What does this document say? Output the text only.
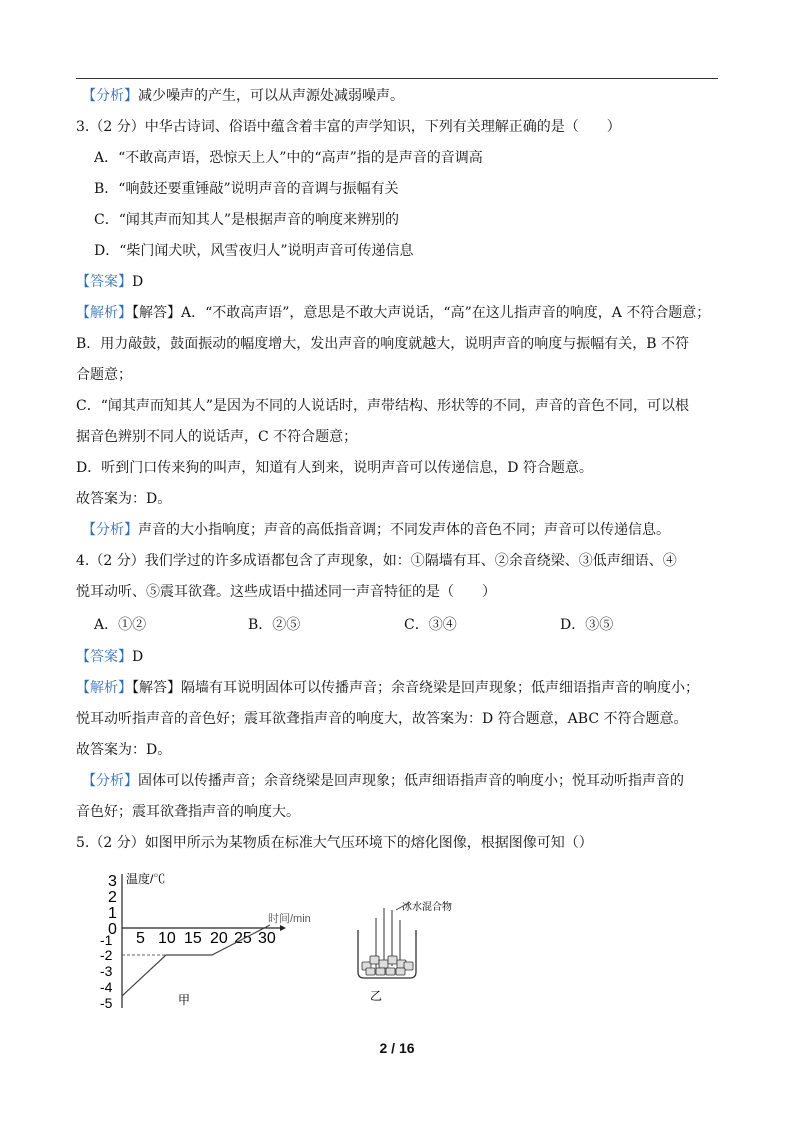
【分析】减少噪声的产生，可以从声源处减弱噪声。
3.（2 分）中华古诗词、俗语中蕴含着丰富的声学知识，下列有关理解正确的是（　　）
A．“不敢高声语，恐惊天上人”中的“高声”指的是声音的音调高
B．“响鼓还要重锤敲”说明声音的音调与振幅有关
C．“闻其声而知其人”是根据声音的响度来辨别的
D．“柴门闻犬吠，风雪夜归人”说明声音可传递信息
【答案】D
【解析】【解答】A．“不敢高声语”，意思是不敢大声说话，“高”在这儿指声音的响度，A 不符合题意；
B．用力敲鼓，鼓面振动的幅度增大，发出声音的响度就越大，说明声音的响度与振幅有关，B 不符
合题意；
C．“闻其声而知其人”是因为不同的人说话时，声带结构、形状等的不同，声音的音色不同，可以根
据音色辨别不同人的说话声，C 不符合题意；
D．听到门口传来狗的叫声，知道有人到来，说明声音可以传递信息，D 符合题意。
故答案为：D。
【分析】声音的大小指响度；声音的高低指音调；不同发声体的音色不同；声音可以传递信息。
4.（2 分）我们学过的许多成语都包含了声现象，如：①隔墙有耳、②余音绕梁、③低声细语、④
悦耳动听、⑤震耳欲聋。这些成语中描述同一声音特征的是（　　）
A．①②	B．②⑤	C．③④	D．③⑤
【答案】D
【解析】【解答】隔墙有耳说明固体可以传播声音；余音绕梁是回声现象；低声细语指声音的响度小；
悦耳动听指声音的音色好；震耳欲聋指声音的响度大，故答案为：D 符合题意，ABC 不符合题意。
故答案为：D。
【分析】固体可以传播声音；余音绕梁是回声现象；低声细语指声音的响度小；悦耳动听指声音的
音色好；震耳欲聋指声音的响度大。
5.（2 分）如图甲所示为某物质在标准大气压环境下的熔化图像，根据图像可知（）
3
2
1
0
-1
-2
-3
-4
-5
温度/℃
时间/min
5 10 15 20 25 30
甲
冰水混合物
乙
2 / 16
